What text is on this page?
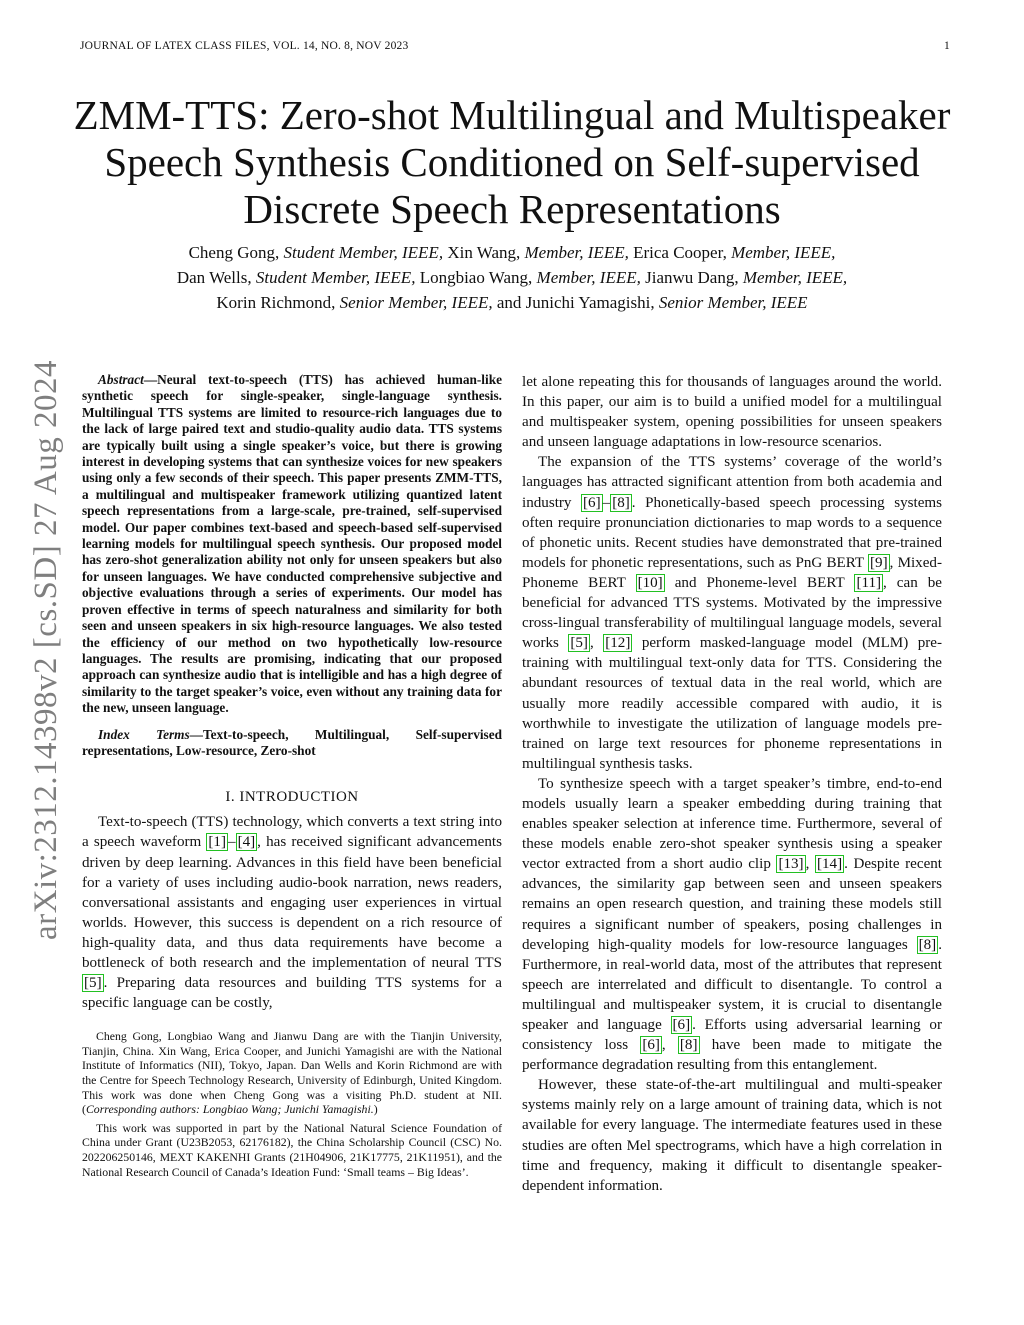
JOURNAL OF LATEX CLASS FILES, VOL. 14, NO. 8, NOV 2023	1
ZMM-TTS: Zero-shot Multilingual and Multispeaker Speech Synthesis Conditioned on Self-supervised Discrete Speech Representations
Cheng Gong, Student Member, IEEE, Xin Wang, Member, IEEE, Erica Cooper, Member, IEEE,
Dan Wells, Student Member, IEEE, Longbiao Wang, Member, IEEE, Jianwu Dang, Member, IEEE,
Korin Richmond, Senior Member, IEEE, and Junichi Yamagishi, Senior Member, IEEE
arXiv:2312.14398v2 [cs.SD] 27 Aug 2024	Abstract—Neural text-to-speech (TTS) has achieved human-like synthetic speech for single-speaker, single-language synthesis. Multilingual TTS systems are limited to resource-rich languages due to the lack of large paired text and studio-quality audio data. TTS systems are typically built using a single speaker’s voice, but there is growing interest in developing systems that can synthesize voices for new speakers using only a few seconds of their speech. This paper presents ZMM-TTS, a multilingual and multispeaker framework utilizing quantized latent speech representations from a large-scale, pre-trained, self-supervised model. Our paper combines text-based and speech-based self-supervised learning models for multilingual speech synthesis. Our proposed model has zero-shot generalization ability not only for unseen speakers but also for unseen languages. We have conducted comprehensive subjective and objective evaluations through a series of experiments. Our model has proven effective in terms of speech naturalness and similarity for both seen and unseen speakers in six high-resource languages. We also tested the efficiency of our method on two hypothetically low-resource languages. The results are promising, indicating that our proposed approach can synthesize audio that is intelligible and has a high degree of similarity to the target speaker’s voice, even without any training data for the new, unseen language.

Index Terms—Text-to-speech, Multilingual, Self-supervised representations, Low-resource, Zero-shot

I. INTRODUCTION

Text-to-speech (TTS) technology, which converts a text string into a speech waveform [1] – [4] , has received significant advancements driven by deep learning. Advances in this field have been beneficial for a variety of uses including audio-book narration, news readers, conversational assistants and engaging user experiences in virtual worlds. However, this success is dependent on a rich resource of high-quality data, and thus data requirements have become a bottleneck of both research and the implementation of neural TTS [5] . Preparing data resources and building TTS systems for a specific language can be costly,

Cheng Gong, Longbiao Wang and Jianwu Dang are with the Tianjin University, Tianjin, China. Xin Wang, Erica Cooper, and Junichi Yamagishi are with the National Institute of Informatics (NII), Tokyo, Japan. Dan Wells and Korin Richmond are with the Centre for Speech Technology Research, University of Edinburgh, United Kingdom. This work was done when Cheng Gong was a visiting Ph.D. student at NII. (Corresponding authors: Longbiao Wang; Junichi Yamagishi.)

This work was supported in part by the National Natural Science Foundation of China under Grant (U23B2053, 62176182), the China Scholarship Council (CSC) No. 202206250146, MEXT KAKENHI Grants (21H04906, 21K17775, 21K11951), and the National Research Council of Canada’s Ideation Fund: ‘Small teams – Big Ideas’.

let alone repeating this for thousands of languages around the world. In this paper, our aim is to build a unified model for a multilingual and multispeaker system, opening possibilities for unseen speakers and unseen language adaptations in low-resource scenarios.

The expansion of the TTS systems’ coverage of the world’s languages has attracted significant attention from both academia and industry [6] – [8] . Phonetically-based speech processing systems often require pronunciation dictionaries to map words to a sequence of phonetic units. Recent studies have demonstrated that pre-trained models for phonetic representations, such as PnG BERT [9] , Mixed-Phoneme BERT [10] and Phoneme-level BERT [11] , can be beneficial for advanced TTS systems. Motivated by the impressive cross-lingual transferability of multilingual language models, several works [5] , [12] perform masked-language model (MLM) pre-training with multilingual text-only data for TTS. Considering the abundant resources of textual data in the real world, which are usually more readily accessible compared with audio, it is worthwhile to investigate the utilization of language models pre-trained on large text resources for phoneme representations in multilingual synthesis tasks.

To synthesize speech with a target speaker’s timbre, end-to-end models usually learn a speaker embedding during training that enables speaker selection at inference time. Furthermore, several of these models enable zero-shot speaker synthesis using a speaker vector extracted from a short audio clip [13] , [14] . Despite recent advances, the similarity gap between seen and unseen speakers remains an open research question, and training these models still requires a significant number of speakers, posing challenges in developing high-quality models for low-resource languages [8] . Furthermore, in real-world data, most of the attributes that represent speech are interrelated and difficult to disentangle. To control a multilingual and multispeaker system, it is crucial to disentangle speaker and language [6] . Efforts using adversarial learning or consistency loss [6] , [8] have been made to mitigate the performance degradation resulting from this entanglement.

However, these state-of-the-art multilingual and multi-speaker systems mainly rely on a large amount of training data, which is not available for every language. The intermediate features used in these studies are often Mel spectrograms, which have a high correlation in time and frequency, making it difficult to disentangle speaker-dependent information.
